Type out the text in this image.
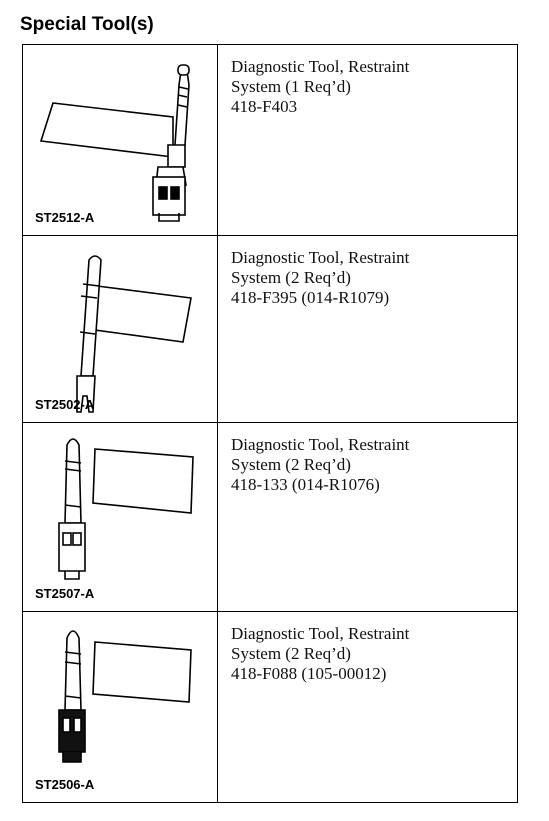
Special Tool(s)
ST2512-A
Diagnostic Tool, Restraint
System (1 Req’d)
418-F403
ST2502-A
Diagnostic Tool, Restraint
System (2 Req’d)
418-F395 (014-R1079)
ST2507-A
Diagnostic Tool, Restraint
System (2 Req’d)
418-133 (014-R1076)
ST2506-A
Diagnostic Tool, Restraint
System (2 Req’d)
418-F088 (105-00012)
